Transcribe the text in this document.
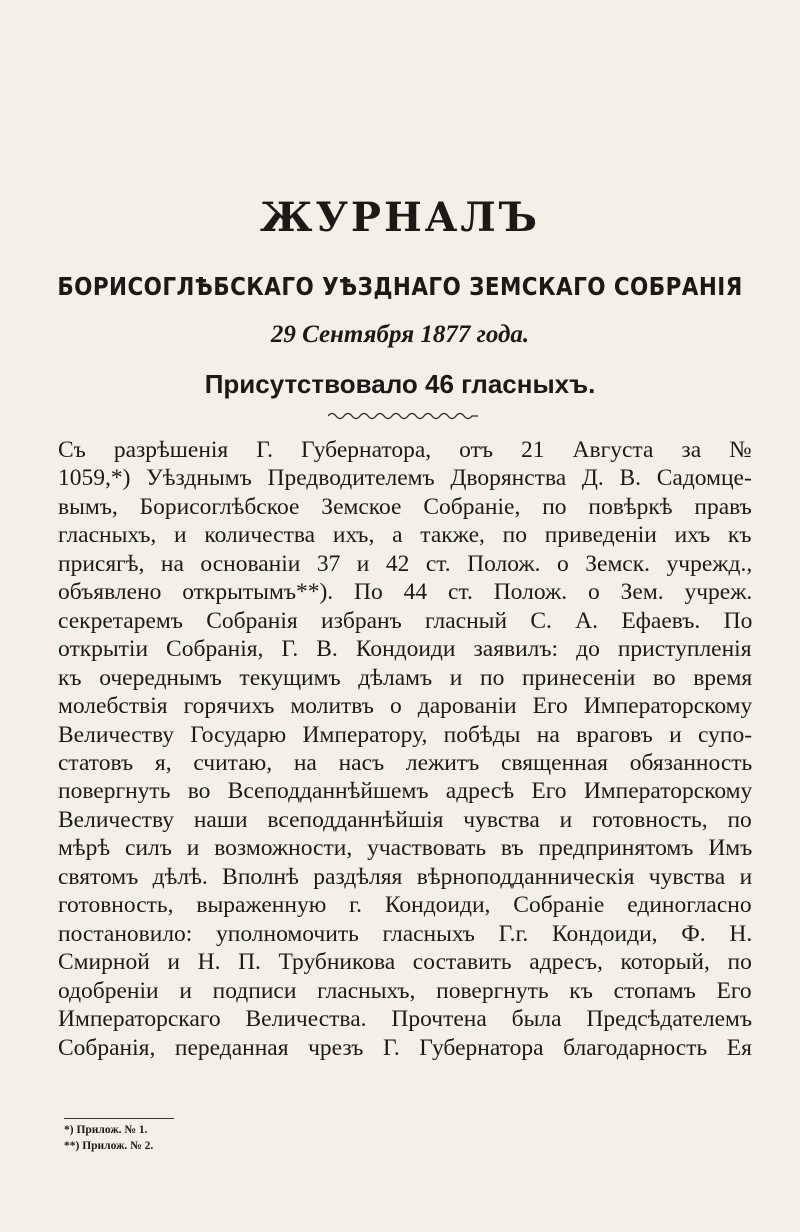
ЖУРНАЛЪ
БОРИСОГЛѢБСКАГО УѢЗДНАГО ЗЕМСКАГО СОБРАНІЯ
29 Сентября 1877 года.
Присутствовало 46 гласныхъ.
Съ разрѣшенія Г. Губернатора, отъ 21 Августа за №
1059,*) Уѣзднымъ Предводителемъ Дворянства Д. В. Садомце-
вымъ, Борисоглѣбское Земское Собраніе, по повѣркѣ правъ
гласныхъ, и количества ихъ, а также, по приведеніи ихъ къ
присягѣ, на основаніи 37 и 42 ст. Полож. о Земск. учрежд.,
объявлено открытымъ**). По 44 ст. Полож. о Зем. учреж.
секретаремъ Собранія избранъ гласный С. А. Ефаевъ. По
открытіи Собранія, Г. В. Кондоиди заявилъ: до приступленія
къ очереднымъ текущимъ дѣламъ и по принесеніи во время
молебствія горячихъ молитвъ о дарованіи Его Императорскому
Величеству Государю Императору, побѣды на враговъ и супо-
статовъ я, считаю, на насъ лежитъ священная обязанность
повергнуть во Всеподданнѣйшемъ адресѣ Его Императорскому
Величеству наши всеподданнѣйшія чувства и готовность, по
мѣрѣ силъ и возможности, участвовать въ предпринятомъ Имъ
святомъ дѣлѣ. Вполнѣ раздѣляя вѣрноподданническія чувства и
готовность, выраженную г. Кондоиди, Собраніе единогласно
постановило: уполномочить гласныхъ Г.г. Кондоиди, Ф. Н.
Смирной и Н. П. Трубникова составить адресъ, который, по
одобреніи и подписи гласныхъ, повергнуть къ стопамъ Его
Императорскаго Величества. Прочтена была Предсѣдателемъ
Собранія, переданная чрезъ Г. Губернатора благодарность Ея
*) Прилож. № 1.
**) Прилож. № 2.
